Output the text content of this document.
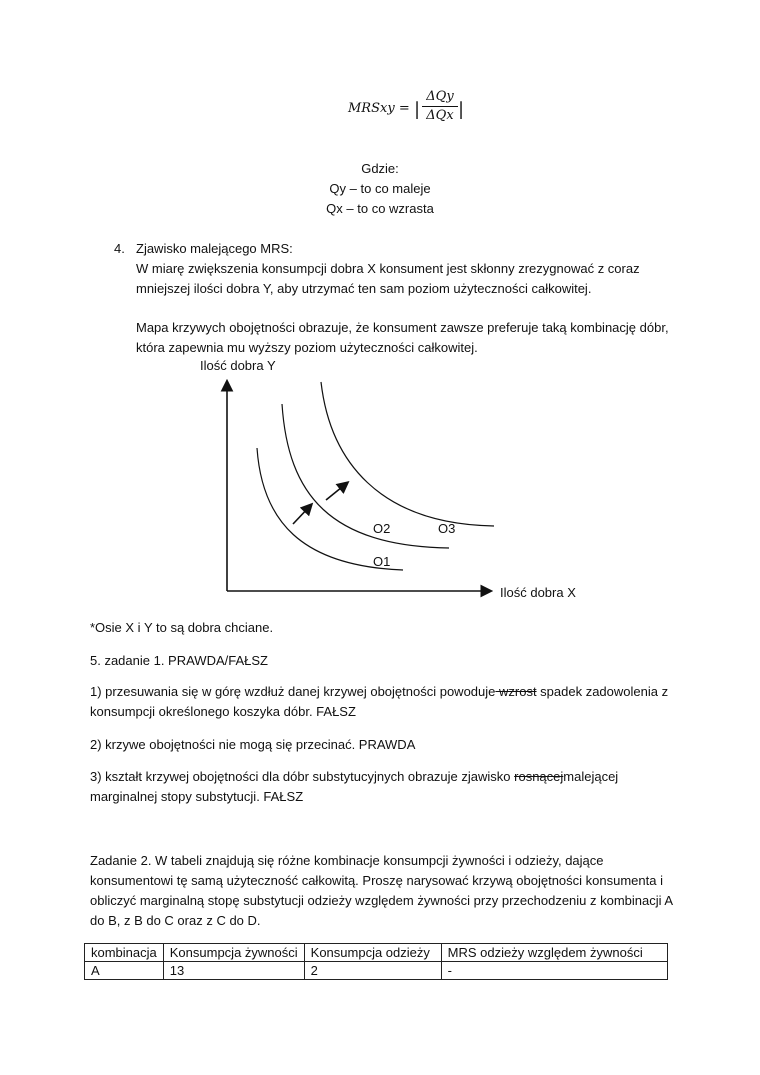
MRSxy = |
ΔQy
ΔQx |
Gdzie:
Qy – to co maleje
Qx – to co wzrasta
4. Zjawisko malejącego MRS:
W miarę zwiększenia konsumpcji dobra X konsument jest skłonny zrezygnować z coraz
mniejszej ilości dobra Y, aby utrzymać ten sam poziom użyteczności całkowitej.
Mapa krzywych obojętności obrazuje, że konsument zawsze preferuje taką kombinację dóbr,
która zapewnia mu wyższy poziom użyteczności całkowitej.
Ilość dobra Y
Ilość dobra X
O1
O2	O3
*Osie X i Y to są dobra chciane.
5. zadanie 1. PRAWDA/FAŁSZ
1) przesuwania się w górę wzdłuż danej krzywej obojętności powoduje wzrost spadek zadowolenia z
konsumpcji określonego koszyka dóbr. FAŁSZ
2) krzywe obojętności nie mogą się przecinać. PRAWDA
3) kształt krzywej obojętności dla dóbr substytucyjnych obrazuje zjawisko rosnącejmalejącej
marginalnej stopy substytucji. FAŁSZ
Zadanie 2. W tabeli znajdują się różne kombinacje konsumpcji żywności i odzieży, dające
konsumentowi tę samą użyteczność całkowitą. Proszę narysować krzywą obojętności konsumenta i
obliczyć marginalną stopę substytucji odzieży względem żywności przy przechodzeniu z kombinacji A
do B, z B do C oraz z C do D.
kombinacja	Konsumpcja żywności	Konsumpcja odzieży	MRS odzieży względem żywności
A	13	2	-
